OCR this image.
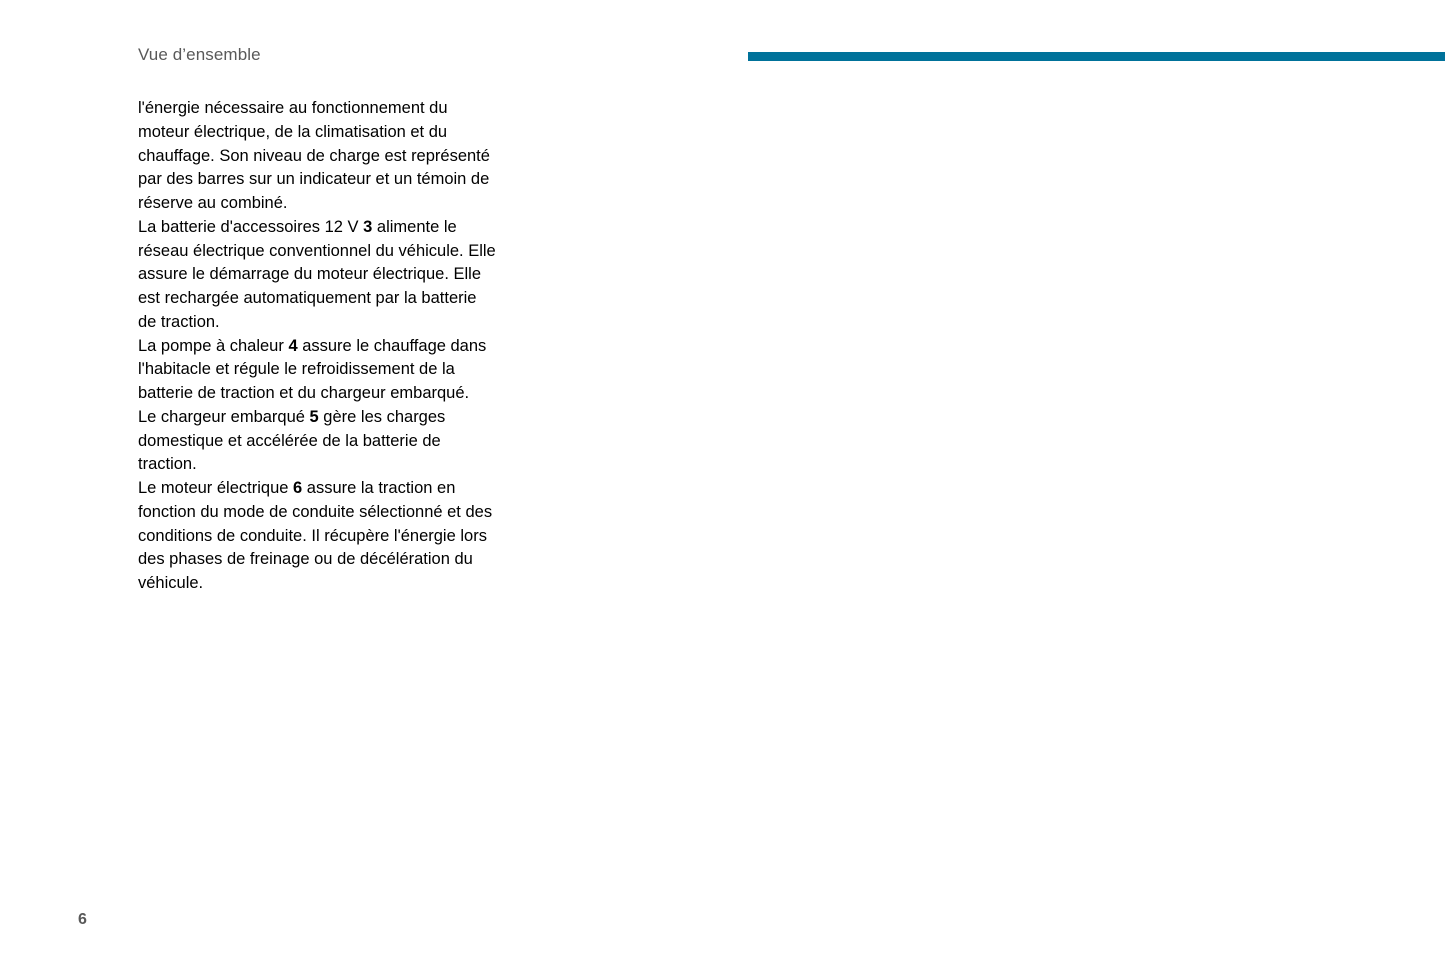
Vue d’ensemble

l'énergie nécessaire au fonctionnement du
moteur électrique, de la climatisation et du
chauffage. Son niveau de charge est représenté
par des barres sur un indicateur et un témoin de
réserve au combiné.

La batterie d'accessoires 12 V 3 alimente le
réseau électrique conventionnel du véhicule. Elle
assure le démarrage du moteur électrique. Elle
est rechargée automatiquement par la batterie
de traction.

La pompe à chaleur 4 assure le chauffage dans
l'habitacle et régule le refroidissement de la
batterie de traction et du chargeur embarqué.

Le chargeur embarqué 5 gère les charges
domestique et accélérée de la batterie de
traction.

Le moteur électrique 6 assure la traction en
fonction du mode de conduite sélectionné et des
conditions de conduite. Il récupère l'énergie lors
des phases de freinage ou de décélération du
véhicule.

6
